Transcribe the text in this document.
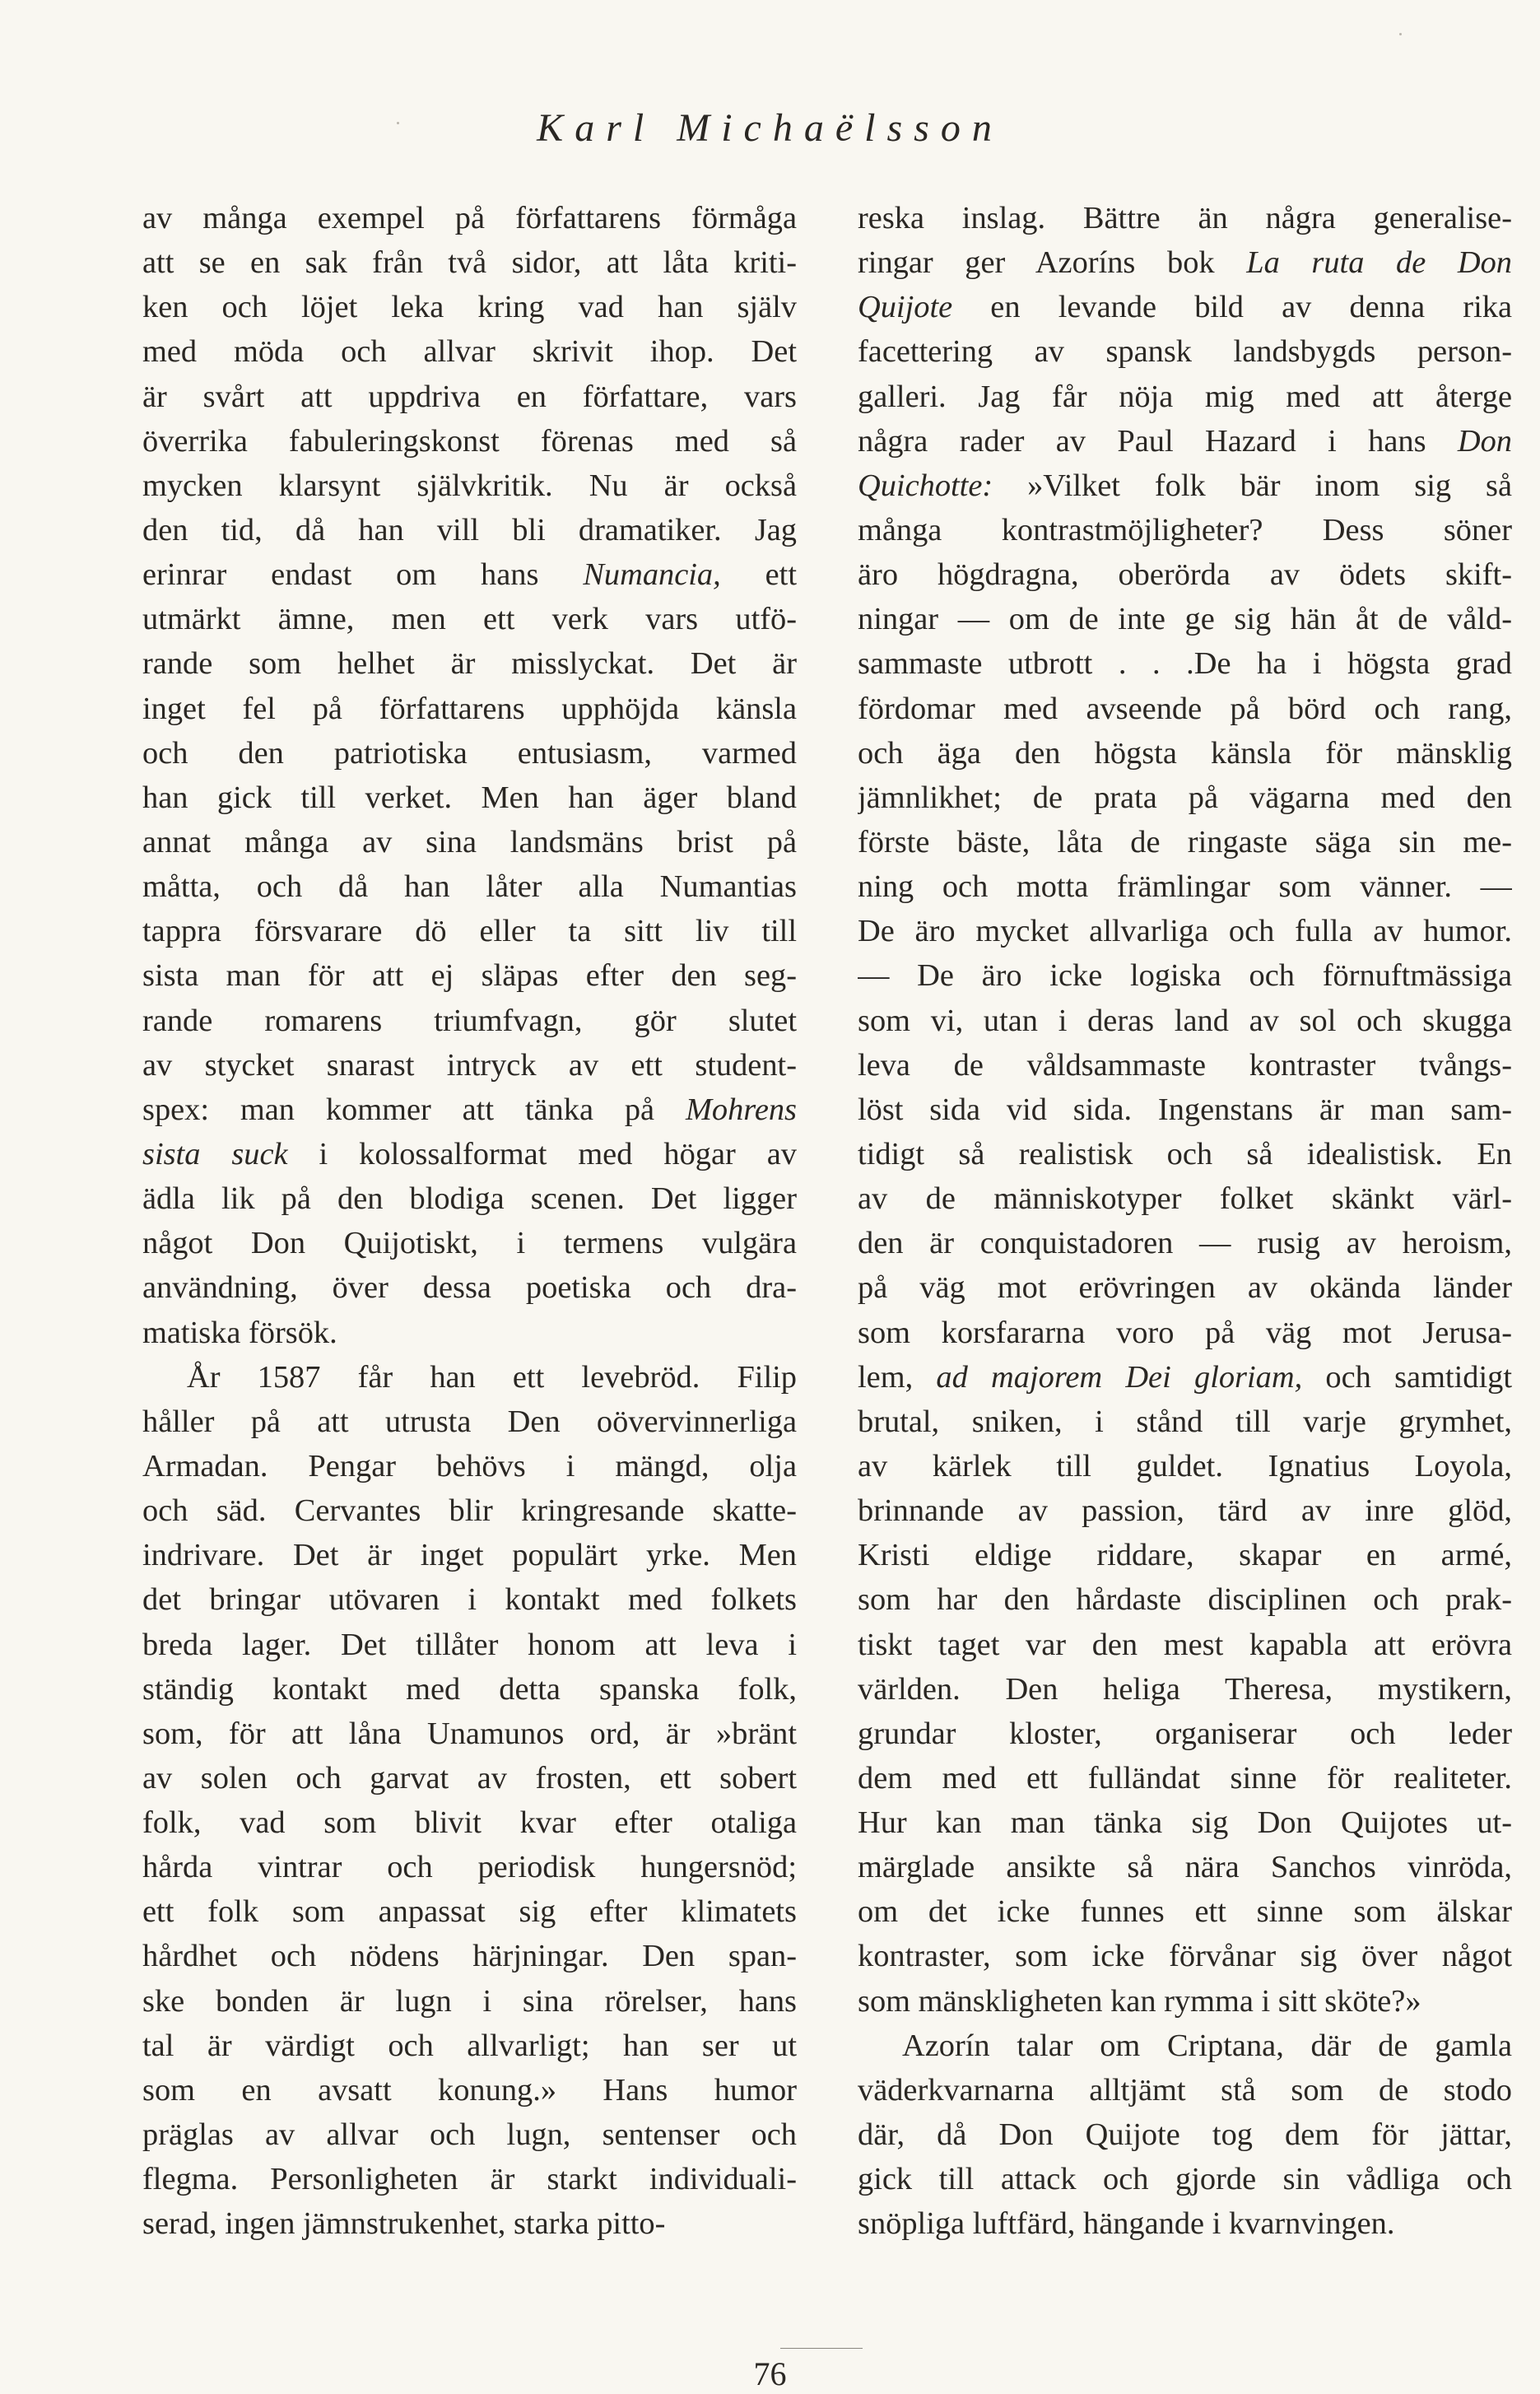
Karl Michaëlsson
av många exempel på författarens förmåga
att se en sak från två sidor, att låta kriti-
ken och löjet leka kring vad han själv
med möda och allvar skrivit ihop. Det
är svårt att uppdriva en författare, vars
överrika fabuleringskonst förenas med så
mycken klarsynt självkritik. Nu är också
den tid, då han vill bli dramatiker. Jag
erinrar endast om hans Numancia, ett
utmärkt ämne, men ett verk vars utfö-
rande som helhet är misslyckat. Det är
inget fel på författarens upphöjda känsla
och den patriotiska entusiasm, varmed
han gick till verket. Men han äger bland
annat många av sina landsmäns brist på
måtta, och då han låter alla Numantias
tappra försvarare dö eller ta sitt liv till
sista man för att ej släpas efter den seg-
rande romarens triumfvagn, gör slutet
av stycket snarast intryck av ett student-
spex: man kommer att tänka på Mohrens
sista suck i kolossalformat med högar av
ädla lik på den blodiga scenen. Det ligger
något Don Quijotiskt, i termens vulgära
användning, över dessa poetiska och dra-
matiska försök.
År 1587 får han ett levebröd. Filip
håller på att utrusta Den oövervinnerliga
Armadan. Pengar behövs i mängd, olja
och säd. Cervantes blir kringresande skatte-
indrivare. Det är inget populärt yrke. Men
det bringar utövaren i kontakt med folkets
breda lager. Det tillåter honom att leva i
ständig kontakt med detta spanska folk,
som, för att låna Unamunos ord, är »bränt
av solen och garvat av frosten, ett sobert
folk, vad som blivit kvar efter otaliga
hårda vintrar och periodisk hungersnöd;
ett folk som anpassat sig efter klimatets
hårdhet och nödens härjningar. Den span-
ske bonden är lugn i sina rörelser, hans
tal är värdigt och allvarligt; han ser ut
som en avsatt konung.» Hans humor
präglas av allvar och lugn, sentenser och
flegma. Personligheten är starkt individuali-
serad, ingen jämnstrukenhet, starka pitto-
reska inslag. Bättre än några generalise-
ringar ger Azoríns bok La ruta de Don
Quijote en levande bild av denna rika
facettering av spansk landsbygds person-
galleri. Jag får nöja mig med att återge
några rader av Paul Hazard i hans Don
Quichotte: »Vilket folk bär inom sig så
många kontrastmöjligheter? Dess söner
äro högdragna, oberörda av ödets skift-
ningar — om de inte ge sig hän åt de våld-
sammaste utbrott . . .De ha i högsta grad
fördomar med avseende på börd och rang,
och äga den högsta känsla för mänsklig
jämnlikhet; de prata på vägarna med den
förste bäste, låta de ringaste säga sin me-
ning och motta främlingar som vänner. —
De äro mycket allvarliga och fulla av humor.
— De äro icke logiska och förnuftmässiga
som vi, utan i deras land av sol och skugga
leva de våldsammaste kontraster tvångs-
löst sida vid sida. Ingenstans är man sam-
tidigt så realistisk och så idealistisk. En
av de människotyper folket skänkt värl-
den är conquistadoren — rusig av heroism,
på väg mot erövringen av okända länder
som korsfararna voro på väg mot Jerusa-
lem, ad majorem Dei gloriam, och samtidigt
brutal, sniken, i stånd till varje grymhet,
av kärlek till guldet. Ignatius Loyola,
brinnande av passion, tärd av inre glöd,
Kristi eldige riddare, skapar en armé,
som har den hårdaste disciplinen och prak-
tiskt taget var den mest kapabla att erövra
världen. Den heliga Theresa, mystikern,
grundar kloster, organiserar och leder
dem med ett fulländat sinne för realiteter.
Hur kan man tänka sig Don Quijotes ut-
märglade ansikte så nära Sanchos vinröda,
om det icke funnes ett sinne som älskar
kontraster, som icke förvånar sig över något
som mänskligheten kan rymma i sitt sköte?»
Azorín talar om Criptana, där de gamla
väderkvarnarna alltjämt stå som de stodo
där, då Don Quijote tog dem för jättar,
gick till attack och gjorde sin vådliga och
snöpliga luftfärd, hängande i kvarnvingen.
76
